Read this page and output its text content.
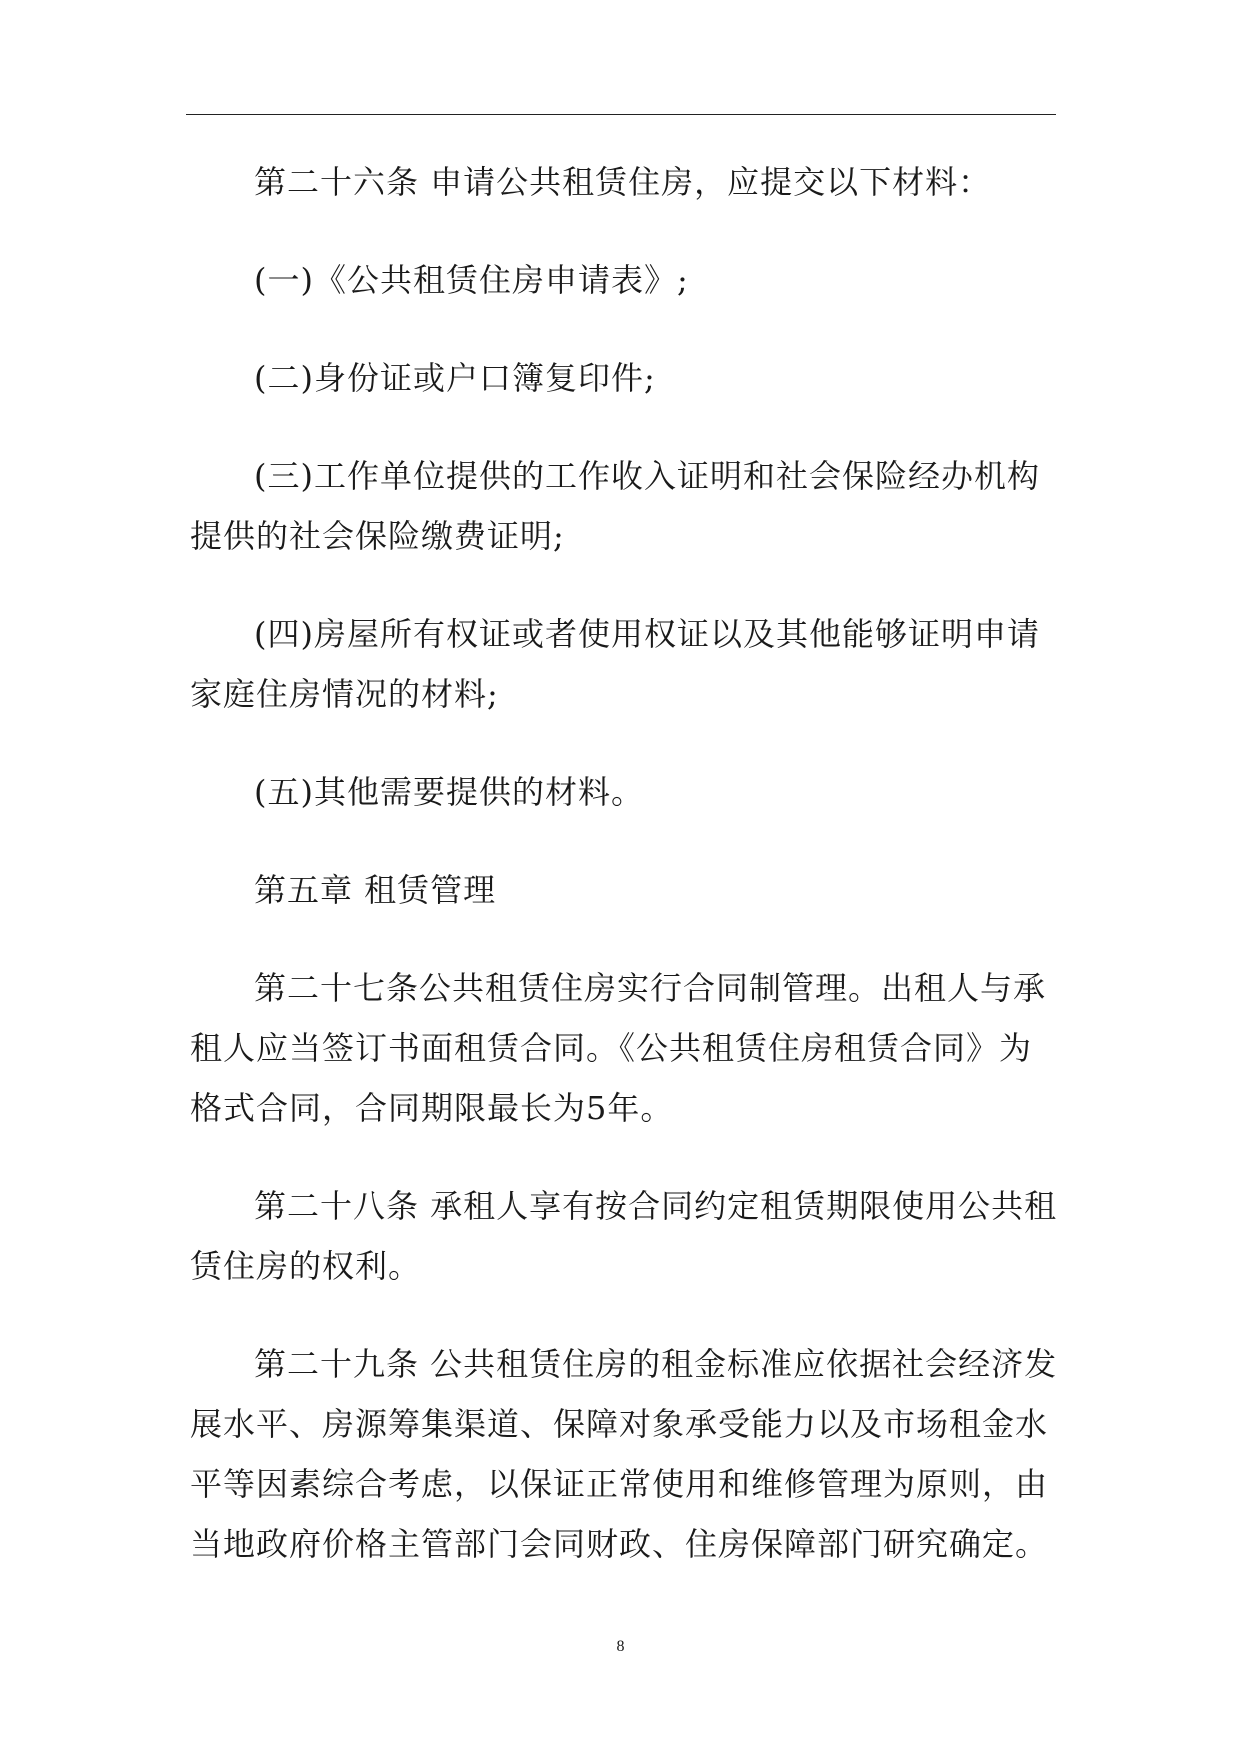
第二十六条 申请公共租赁住房，应提交以下材料：

(一)《公共租赁住房申请表》;

(二)身份证或户口簿复印件;

(三)工作单位提供的工作收入证明和社会保险经办机构提供的社会保险缴费证明;

(四)房屋所有权证或者使用权证以及其他能够证明申请家庭住房情况的材料;

(五)其他需要提供的材料。

第五章 租赁管理

第二十七条公共租赁住房实行合同制管理。出租人与承租人应当签订书面租赁合同。《公共租赁住房租赁合同》为格式合同，合同期限最长为5年。

第二十八条 承租人享有按合同约定租赁期限使用公共租赁住房的权利。

第二十九条 公共租赁住房的租金标准应依据社会经济发展水平、房源筹集渠道、保障对象承受能力以及市场租金水平等因素综合考虑，以保证正常使用和维修管理为原则，由当地政府价格主管部门会同财政、住房保障部门研究确定。

8
